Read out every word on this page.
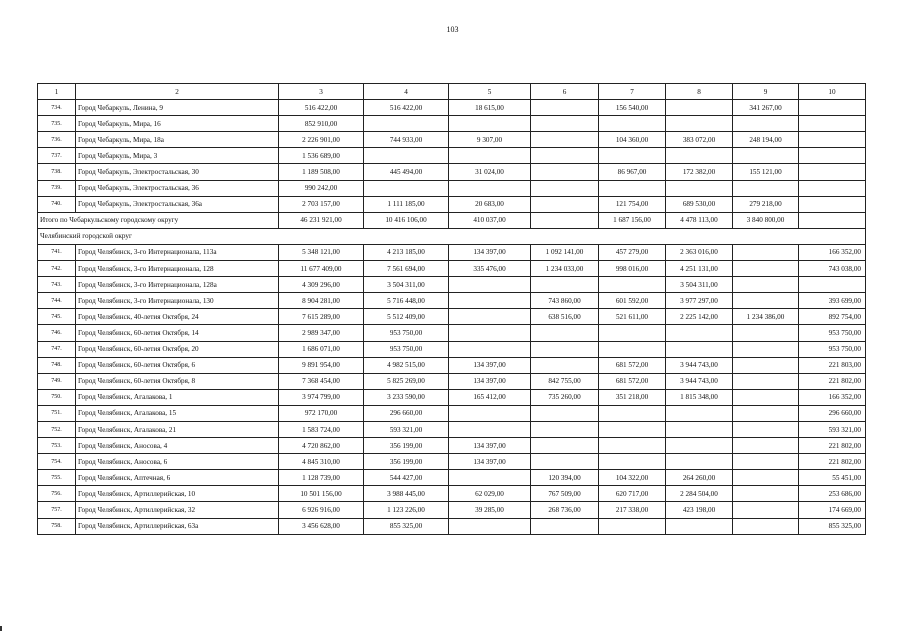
103
1	2	3	4	5	6	7	8	9	10
734.	Город Чебаркуль, Ленина, 9	516 422,00	516 422,00	18 615,00		156 540,00		341 267,00	
735.	Город Чебаркуль, Мира, 16	852 910,00							
736.	Город Чебаркуль, Мира, 18а	2 226 901,00	744 933,00	9 307,00		104 360,00	383 072,00	248 194,00	
737.	Город Чебаркуль, Мира, 3	1 536 689,00							
738.	Город Чебаркуль, Электростальская, 30	1 189 508,00	445 494,00	31 024,00		86 967,00	172 382,00	155 121,00	
739.	Город Чебаркуль, Электростальская, 36	990 242,00							
740.	Город Чебаркуль, Электростальская, 36а	2 703 157,00	1 111 185,00	20 683,00		121 754,00	689 530,00	279 218,00	
Итого по Чебаркульскому городскому округу		46 231 921,00	10 416 106,00	410 037,00		1 687 156,00	4 478 113,00	3 840 800,00	
Челябинский городской округ									
741.	Город Челябинск, 3-го Интернационала, 113а	5 348 121,00	4 213 185,00	134 397,00	1 092 141,00	457 279,00	2 363 016,00		166 352,00
742.	Город Челябинск, 3-го Интернационала, 128	11 677 409,00	7 561 694,00	335 476,00	1 234 033,00	998 016,00	4 251 131,00		743 038,00
743.	Город Челябинск, 3-го Интернационала, 128а	4 309 296,00	3 504 311,00				3 504 311,00		
744.	Город Челябинск, 3-го Интернационала, 130	8 904 281,00	5 716 448,00		743 860,00	601 592,00	3 977 297,00		393 699,00
745.	Город Челябинск, 40-летия Октября, 24	7 615 289,00	5 512 409,00		638 516,00	521 611,00	2 225 142,00	1 234 386,00	892 754,00
746.	Город Челябинск, 60-летия Октября, 14	2 989 347,00	953 750,00						953 750,00
747.	Город Челябинск, 60-летия Октября, 20	1 686 071,00	953 750,00						953 750,00
748.	Город Челябинск, 60-летия Октября, 6	9 891 954,00	4 982 515,00	134 397,00		681 572,00	3 944 743,00		221 803,00
749.	Город Челябинск, 60-летия Октября, 8	7 368 454,00	5 825 269,00	134 397,00	842 755,00	681 572,00	3 944 743,00		221 802,00
750.	Город Челябинск, Агалакова, 1	3 974 799,00	3 233 590,00	165 412,00	735 260,00	351 218,00	1 815 348,00		166 352,00
751.	Город Челябинск, Агалакова, 15	972 170,00	296 660,00						296 660,00
752.	Город Челябинск, Агалакова, 21	1 583 724,00	593 321,00						593 321,00
753.	Город Челябинск, Аносова, 4	4 720 862,00	356 199,00	134 397,00					221 802,00
754.	Город Челябинск, Аносова, 6	4 845 310,00	356 199,00	134 397,00					221 802,00
755.	Город Челябинск, Аптечная, 6	1 128 739,00	544 427,00		120 394,00	104 322,00	264 260,00		55 451,00
756.	Город Челябинск, Артиллерийская, 10	10 501 156,00	3 988 445,00	62 029,00	767 509,00	620 717,00	2 284 504,00		253 686,00
757.	Город Челябинск, Артиллерийская, 32	6 926 916,00	1 123 226,00	39 285,00	268 736,00	217 338,00	423 198,00		174 669,00
758.	Город Челябинск, Артиллерийская, 63а	3 456 628,00	855 325,00						855 325,00
